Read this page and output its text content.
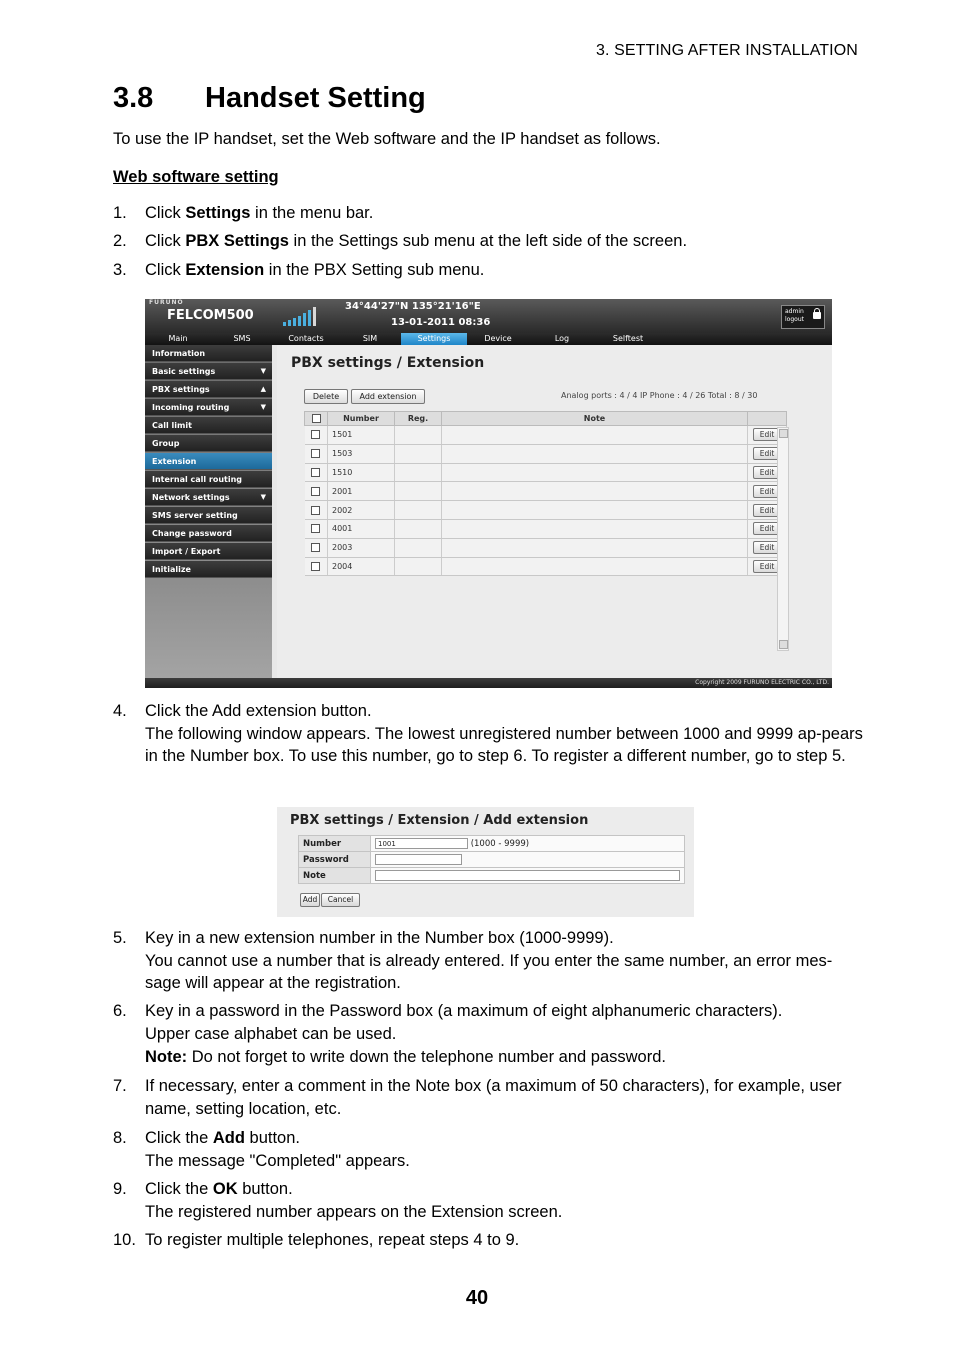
3. SETTING AFTER INSTALLATION
3.8 Handset Setting
To use the IP handset, set the Web software and the IP handset as follows.
Web software setting
1. Click Settings in the menu bar.
2. Click PBX Settings in the Settings sub menu at the left side of the screen.
3. Click Extension in the PBX Setting sub menu.
FURUNO
FELCOM500
34°44'27"N 135°21'16"E
13-01-2011 08:36
admin
logout
Main	SMS	Contacts	SIM	Settings	Device	Log	Selftest
Information
Basic settings	▼
PBX settings	▲
Incoming routing	▼
Call limit
Group
Extension
Internal call routing
Network settings	▼
SMS server setting
Change password
Import / Export
Initialize
PBX settings / Extension
Delete	Add extension	Analog ports : 4 / 4 IP Phone : 4 / 26 Total : 8 / 30
	Number	Reg.	Note	
	1501			Edit
	1503			Edit
	1510			Edit
	2001			Edit
	2002			Edit
	4001			Edit
	2003			Edit
	2004			Edit
Copyright 2009 FURUNO ELECTRIC CO., LTD.
4. Click the Add extension button.
The following window appears. The lowest unregistered number between 1000 and 9999 ap-pears in the Number box. To use this number, go to step 6. To register a different number, go to step 5.
PBX settings / Extension / Add extension
Number	1001 (1000 - 9999)
Password	
Note	
Add	Cancel
5. Key in a new extension number in the Number box (1000-9999).
You cannot use a number that is already entered. If you enter the same number, an error mes-sage will appear at the registration.
6. Key in a password in the Password box (a maximum of eight alphanumeric characters).
Upper case alphabet can be used.
Note: Do not forget to write down the telephone number and password.
7. If necessary, enter a comment in the Note box (a maximum of 50 characters), for example, user name, setting location, etc.
8. Click the Add button.
The message "Completed" appears.
9. Click the OK button.
The registered number appears on the Extension screen.
10. To register multiple telephones, repeat steps 4 to 9.
40
